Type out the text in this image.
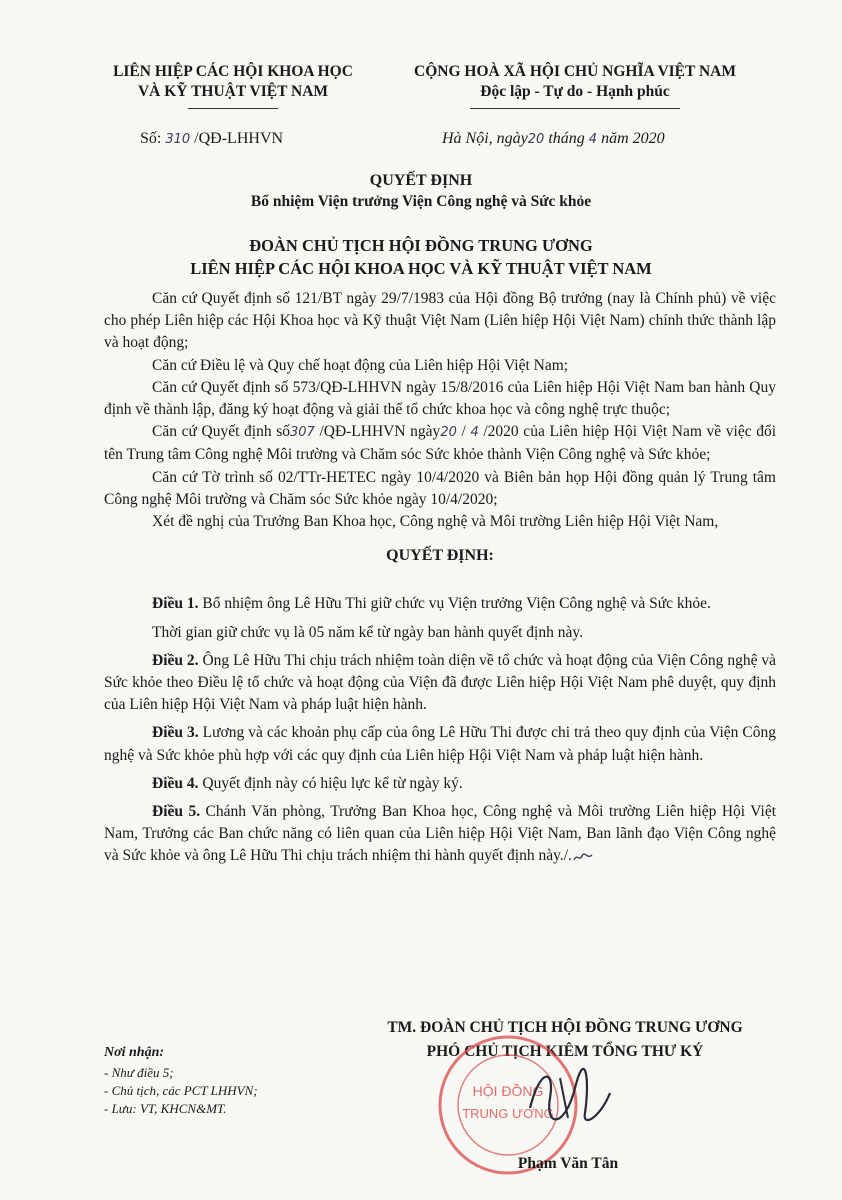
LIÊN HIỆP CÁC HỘI KHOA HỌC
VÀ KỸ THUẬT VIỆT NAM
CỘNG HOÀ XÃ HỘI CHỦ NGHĨA VIỆT NAM
Độc lập - Tự do - Hạnh phúc
Số: 310 /QĐ-LHHVN	Hà Nội, ngày20 tháng 4 năm 2020
QUYẾT ĐỊNH
Bổ nhiệm Viện trưởng Viện Công nghệ và Sức khỏe
ĐOÀN CHỦ TỊCH HỘI ĐỒNG TRUNG ƯƠNG
LIÊN HIỆP CÁC HỘI KHOA HỌC VÀ KỸ THUẬT VIỆT NAM

Căn cứ Quyết định số 121/BT ngày 29/7/1983 của Hội đồng Bộ trưởng (nay là Chính phủ) về việc cho phép Liên hiệp các Hội Khoa học và Kỹ thuật Việt Nam (Liên hiệp Hội Việt Nam) chính thức thành lập và hoạt động;

Căn cứ Điều lệ và Quy chế hoạt động của Liên hiệp Hội Việt Nam;

Căn cứ Quyết định số 573/QĐ-LHHVN ngày 15/8/2016 của Liên hiệp Hội Việt Nam ban hành Quy định về thành lập, đăng ký hoạt động và giải thể tổ chức khoa học và công nghệ trực thuộc;

Căn cứ Quyết định số307 /QĐ-LHHVN ngày20 / 4 /2020 của Liên hiệp Hội Việt Nam về việc đổi tên Trung tâm Công nghệ Môi trường và Chăm sóc Sức khỏe thành Viện Công nghệ và Sức khỏe;

Căn cứ Tờ trình số 02/TTr-HETEC ngày 10/4/2020 và Biên bản họp Hội đồng quản lý Trung tâm Công nghệ Môi trường và Chăm sóc Sức khỏe ngày 10/4/2020;

Xét đề nghị của Trưởng Ban Khoa học, Công nghệ và Môi trường Liên hiệp Hội Việt Nam,

QUYẾT ĐỊNH:

Điều 1. Bổ nhiệm ông Lê Hữu Thi giữ chức vụ Viện trưởng Viện Công nghệ và Sức khỏe.

Thời gian giữ chức vụ là 05 năm kể từ ngày ban hành quyết định này.

Điều 2. Ông Lê Hữu Thi chịu trách nhiệm toàn diện về tổ chức và hoạt động của Viện Công nghệ và Sức khỏe theo Điều lệ tổ chức và hoạt động của Viện đã được Liên hiệp Hội Việt Nam phê duyệt, quy định của Liên hiệp Hội Việt Nam và pháp luật hiện hành.

Điều 3. Lương và các khoản phụ cấp của ông Lê Hữu Thi được chi trả theo quy định của Viện Công nghệ và Sức khỏe phù hợp với các quy định của Liên hiệp Hội Việt Nam và pháp luật hiện hành.

Điều 4. Quyết định này có hiệu lực kể từ ngày ký.

Điều 5. Chánh Văn phòng, Trưởng Ban Khoa học, Công nghệ và Môi trường Liên hiệp Hội Việt Nam, Trưởng các Ban chức năng có liên quan của Liên hiệp Hội Việt Nam, Ban lãnh đạo Viện Công nghệ và Sức khỏe và ông Lê Hữu Thi chịu trách nhiệm thi hành quyết định này./.

TM. ĐOÀN CHỦ TỊCH HỘI ĐỒNG TRUNG ƯƠNG
PHÓ CHỦ TỊCH KIÊM TỔNG THƯ KÝ
HỘI ĐỒNG
TRUNG ƯƠNG
Phạm Văn Tân
Nơi nhận:
- Như điều 5;
- Chủ tịch, các PCT LHHVN;
- Lưu: VT, KHCN&MT.
